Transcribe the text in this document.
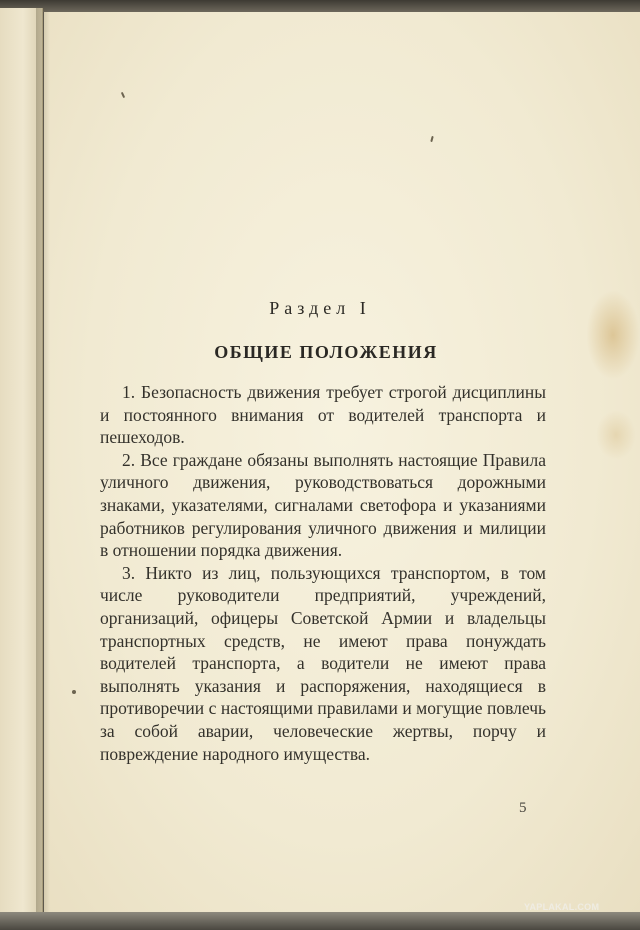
Раздел I
ОБЩИЕ ПОЛОЖЕНИЯ

1. Безопасность движения требует строгой дисциплины и постоянного внимания от водителей транспорта и пешеходов.

2. Все граждане обязаны выполнять настоящие Правила уличного движения, руководствоваться дорожными знаками, указателями, сигналами светофора и указаниями работников регулирования уличного движения и милиции в отношении порядка движения.

3. Никто из лиц, пользующихся транспортом, в том числе руководители предприятий, учреждений, организаций, офицеры Советской Армии и владельцы транспортных средств, не имеют права понуждать водителей транспорта, а водители не имеют права выполнять указания и распоряжения, находящиеся в противоречии с настоящими правилами и могущие повлечь за собой аварии, человеческие жертвы, порчу и повреждение народного имущества.

5
YAPLAKAL.COM
